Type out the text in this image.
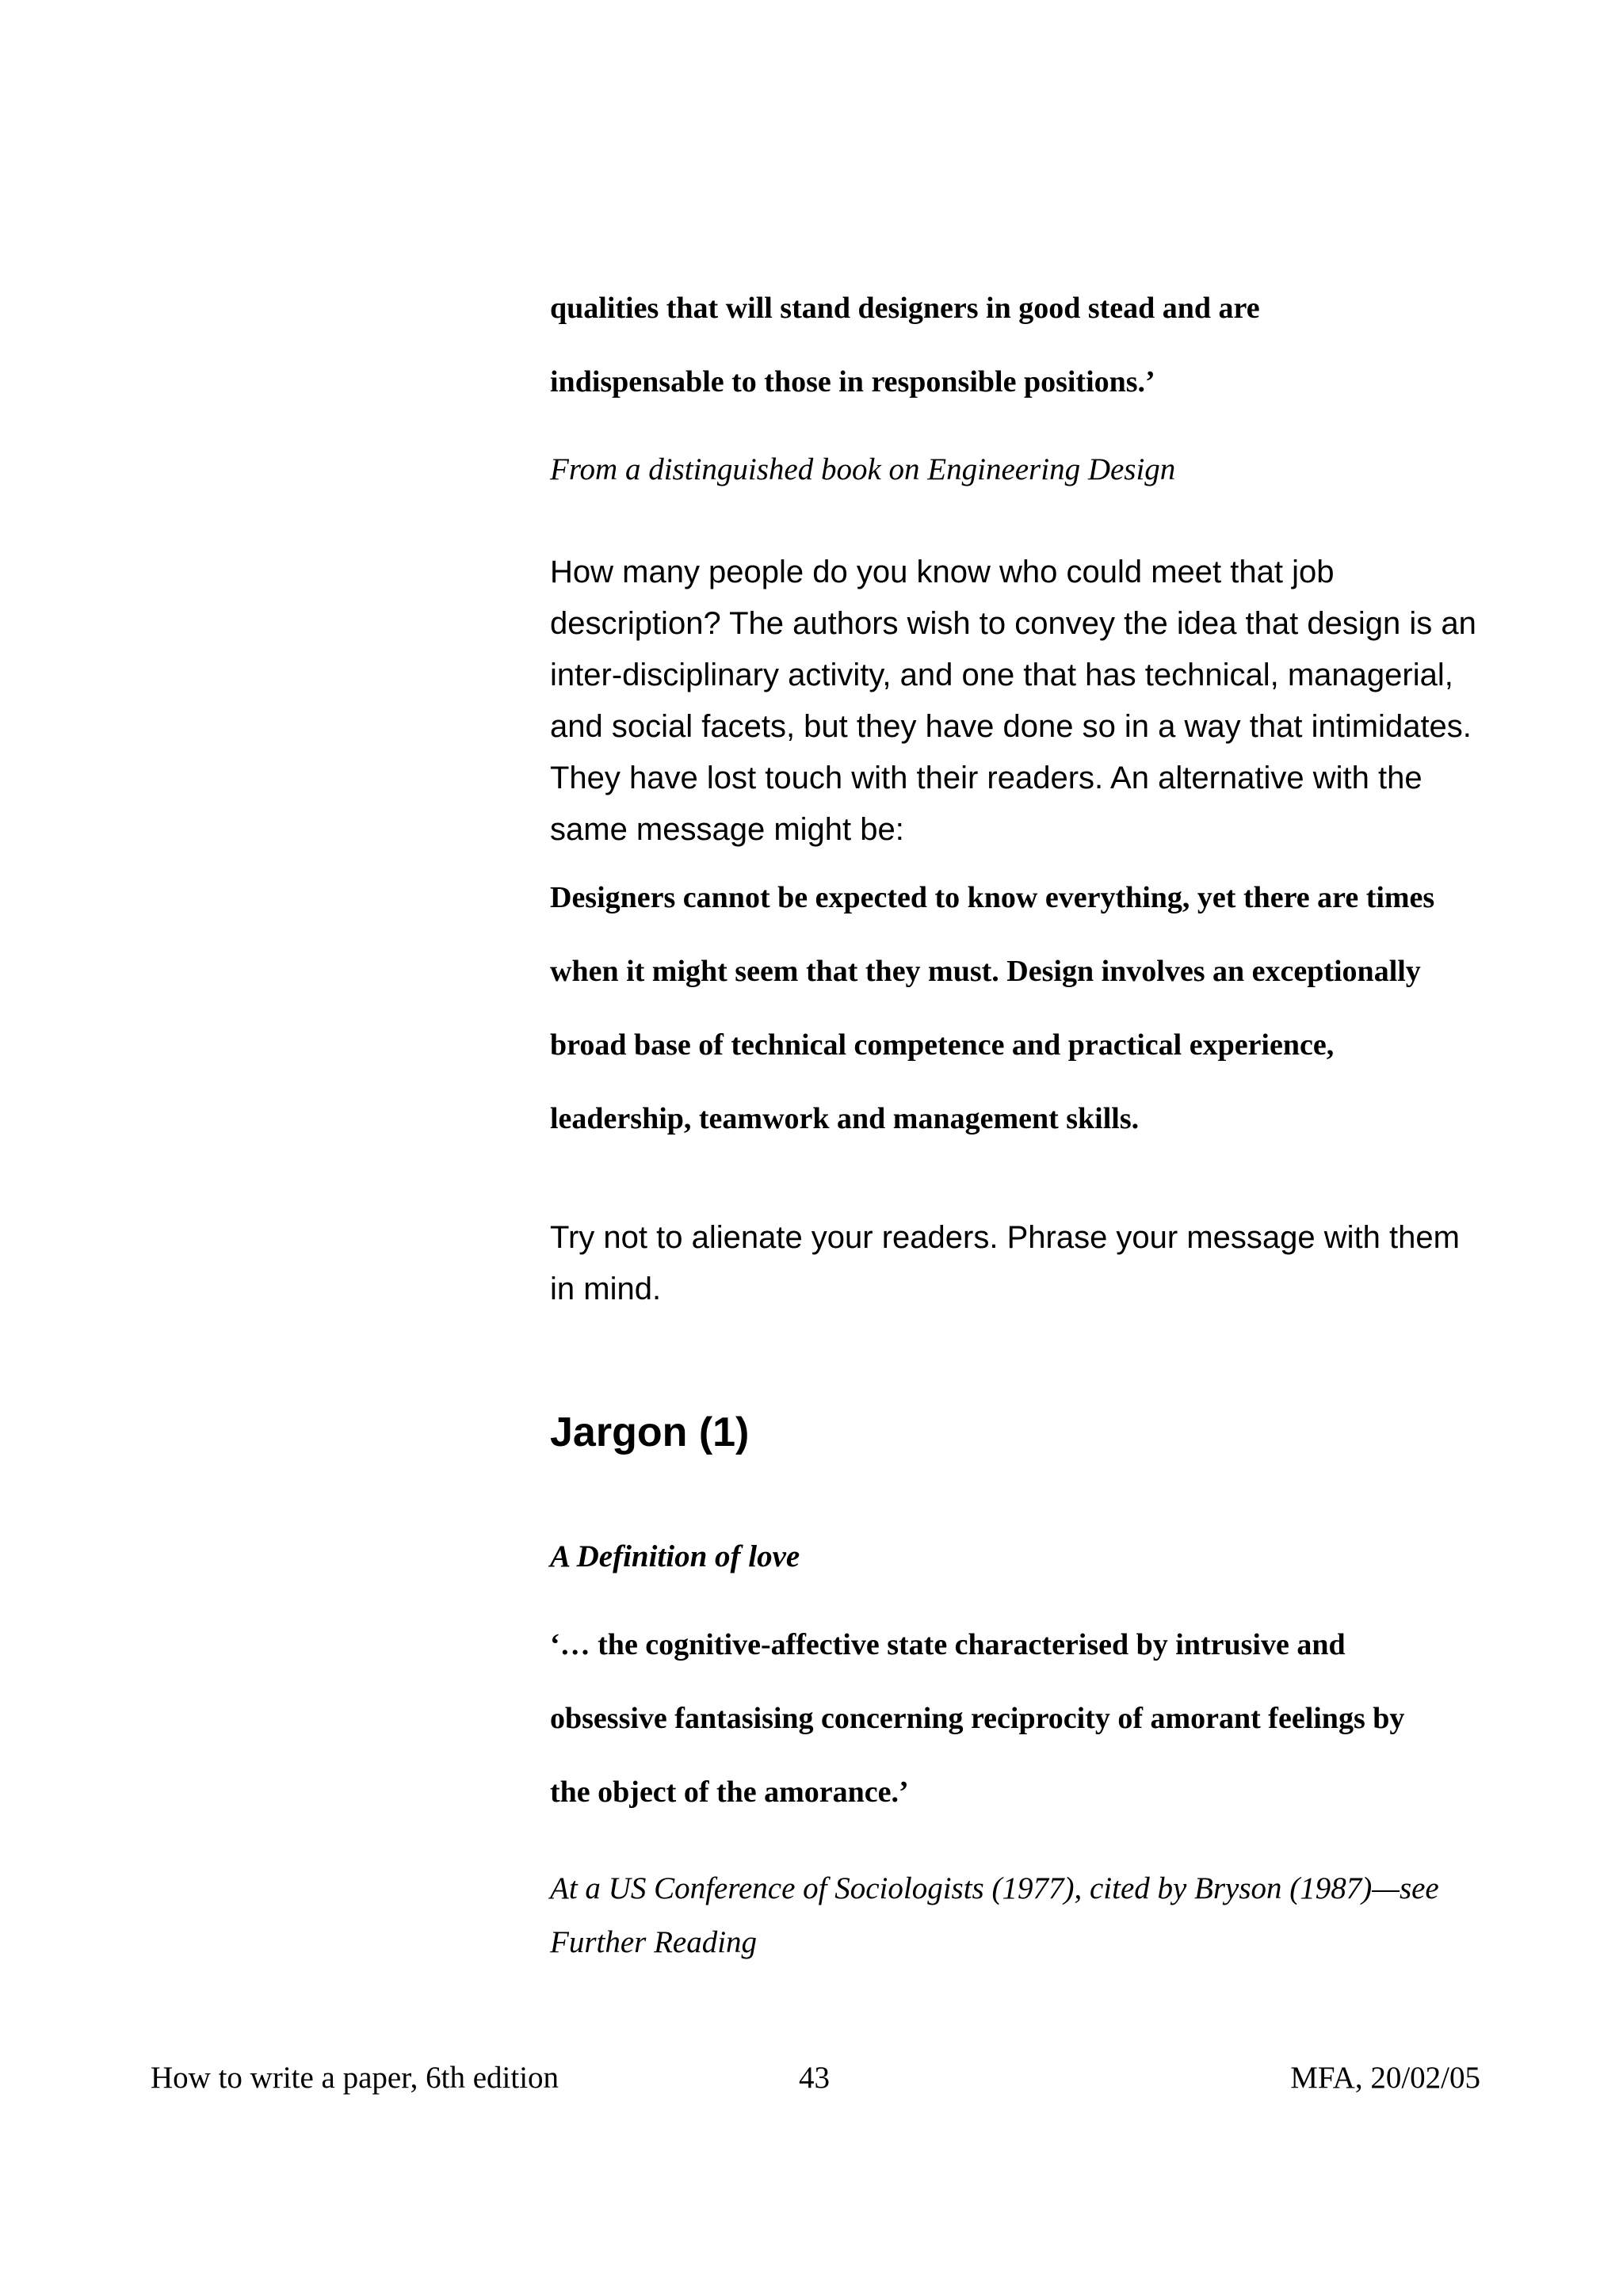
qualities that will stand designers in good stead and are

indispensable to those in responsible positions.’

From a distinguished book on Engineering Design

How many people do you know who could meet that job

description? The authors wish to convey the idea that design is an

inter-disciplinary activity, and one that has technical, managerial,

and social facets, but they have done so in a way that intimidates.

They have lost touch with their readers. An alternative with the

same message might be:

Designers cannot be expected to know everything, yet there are times

when it might seem that they must. Design involves an exceptionally

broad base of technical competence and practical experience,

leadership, teamwork and management skills.

Try not to alienate your readers. Phrase your message with them

in mind.

Jargon (1)

A Definition of love

‘… the cognitive-affective state characterised by intrusive and

obsessive fantasising concerning reciprocity of amorant feelings by

the object of the amorance.’

At a US Conference of Sociologists (1977), cited by Bryson (1987)—see

Further Reading

How to write a paper, 6th edition	43	MFA, 20/02/05
